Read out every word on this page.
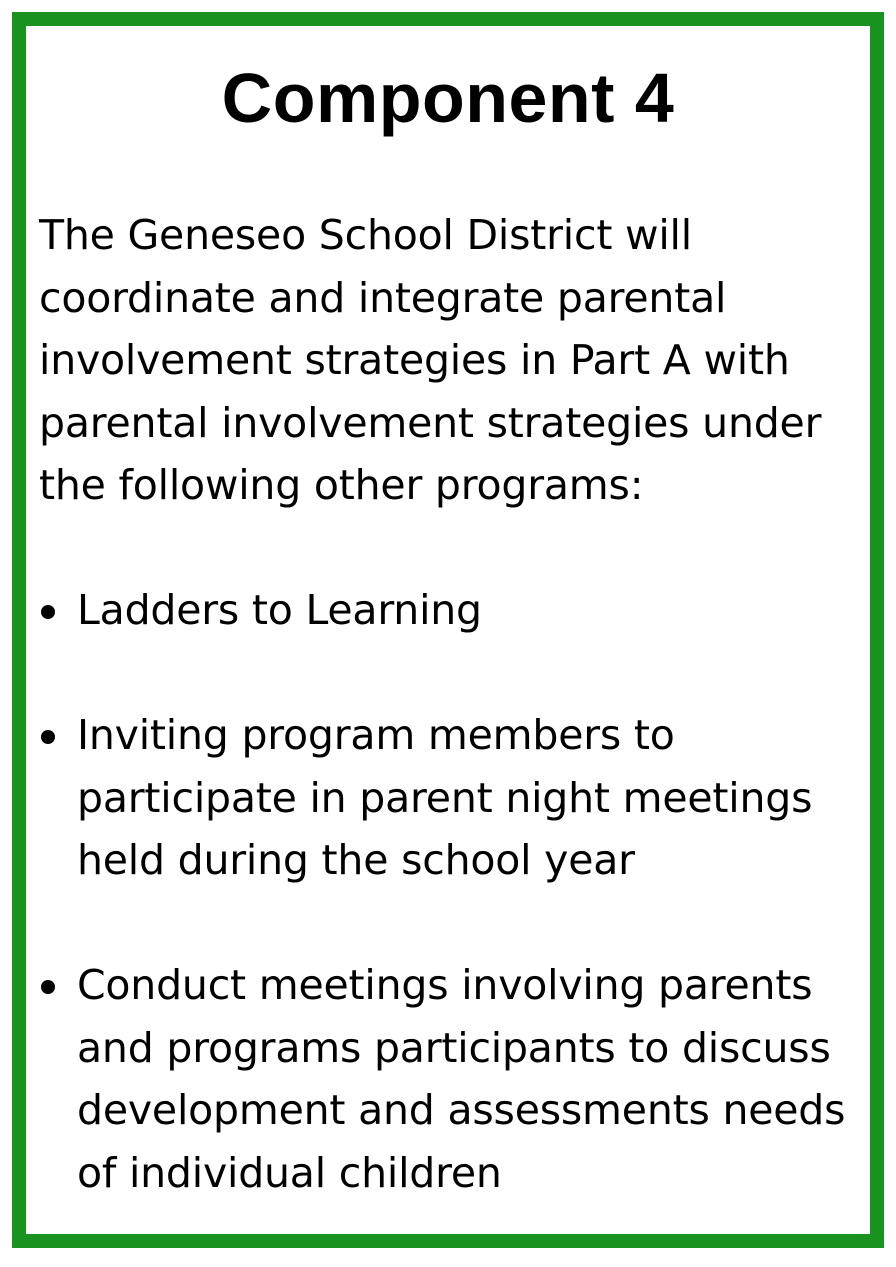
Component 4

The Geneseo School District will coordinate and integrate parental involvement strategies in Part A with parental involvement strategies under the following other programs:

Ladders to Learning
Inviting program members to participate in parent night meetings held during the school year
Conduct meetings involving parents and programs participants to discuss development and assessments needs of individual children
